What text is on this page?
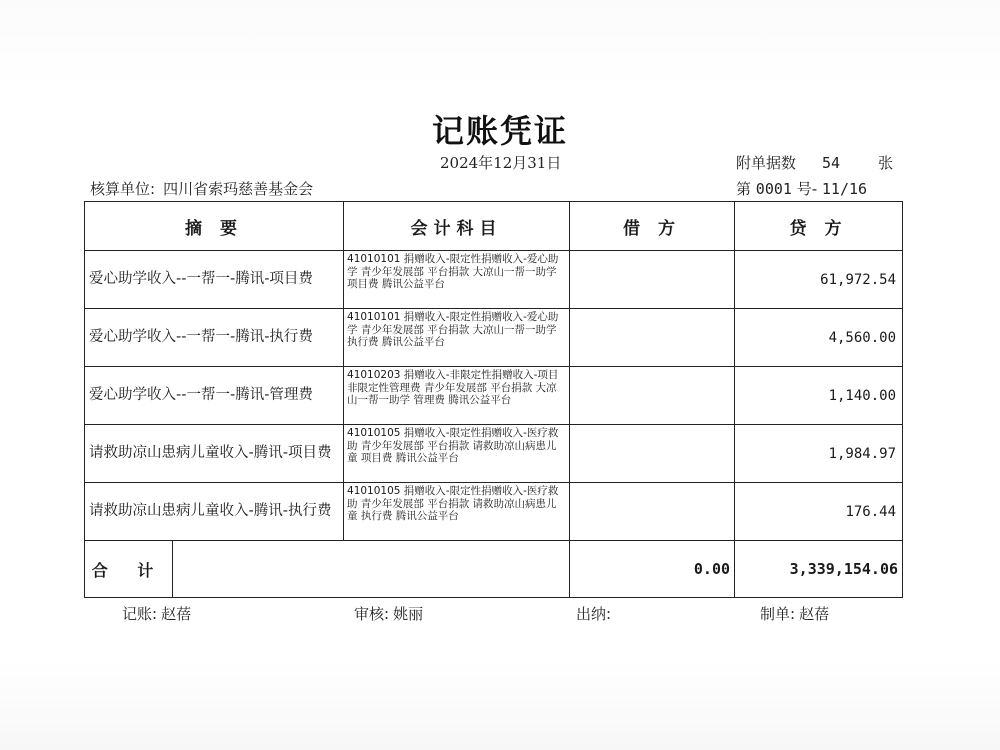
记账凭证
2024年12月31日	附单据数 54	张
核算单位: 四川省索玛慈善基金会	第 0001 号- 11/16
摘 要		会计科目	借 方	贷 方
爱心助学收入--一帮一-腾讯-项目费		41010101 捐赠收入-限定性捐赠收入-爱心助学 青少年发展部 平台捐款 大凉山一帮一助学 项目费 腾讯公益平台		61,972.54
爱心助学收入--一帮一-腾讯-执行费		41010101 捐赠收入-限定性捐赠收入-爱心助学 青少年发展部 平台捐款 大凉山一帮一助学 执行费 腾讯公益平台		4,560.00
爱心助学收入--一帮一-腾讯-管理费		41010203 捐赠收入-非限定性捐赠收入-项目非限定性管理费 青少年发展部 平台捐款 大凉山一帮一助学 管理费 腾讯公益平台		1,140.00
请救助凉山患病儿童收入-腾讯-项目费		41010105 捐赠收入-限定性捐赠收入-医疗救助 青少年发展部 平台捐款 请救助凉山病患儿童 项目费 腾讯公益平台		1,984.97
请救助凉山患病儿童收入-腾讯-执行费		41010105 捐赠收入-限定性捐赠收入-医疗救助 青少年发展部 平台捐款 请救助凉山病患儿童 执行费 腾讯公益平台		176.44
合 计			0.00	3,339,154.06
记账: 赵蓓	审核: 姚丽	出纳:	制单: 赵蓓
